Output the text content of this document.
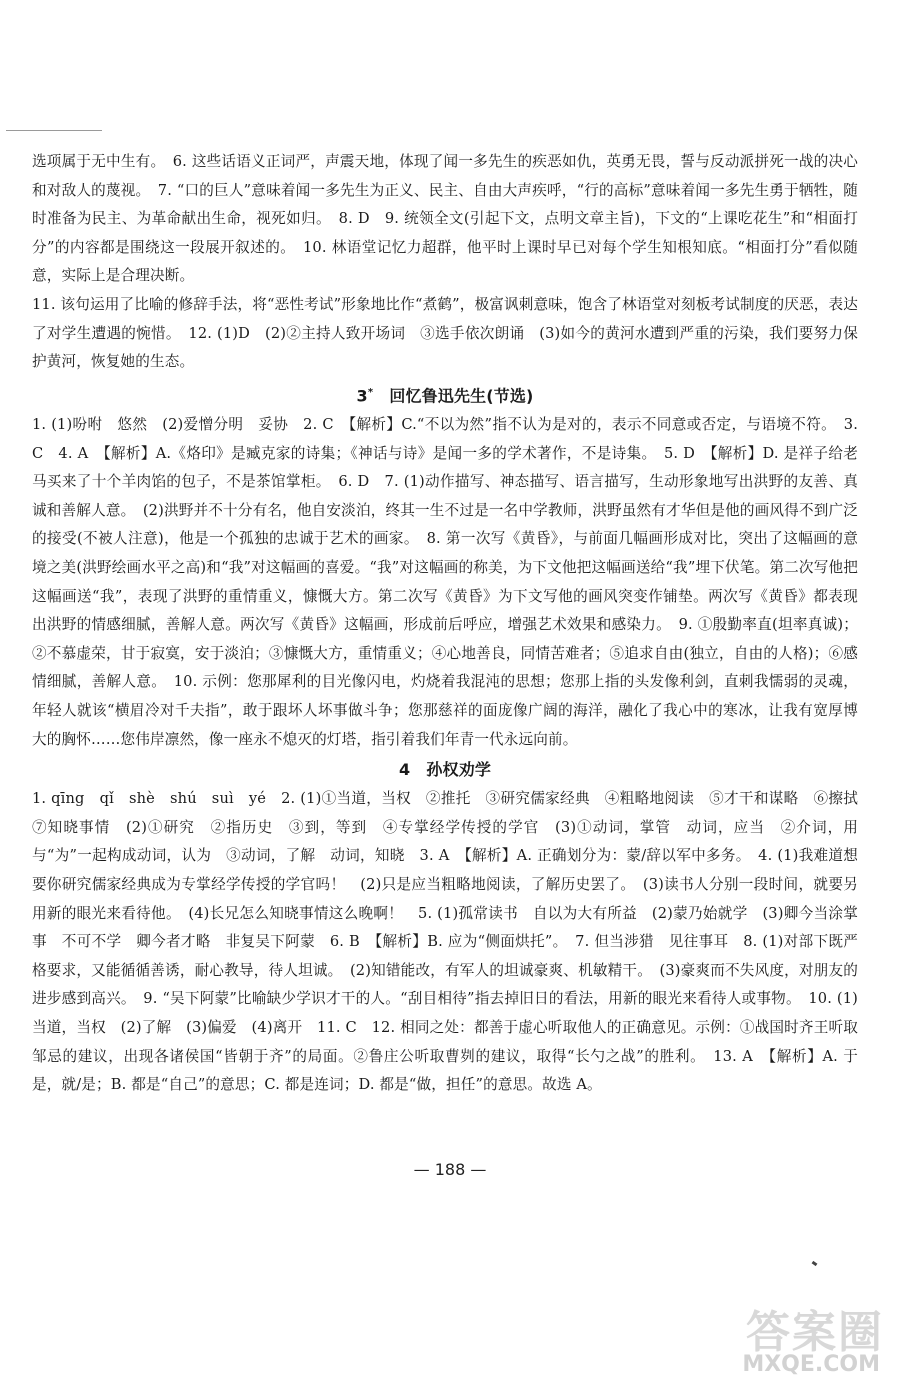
选项属于无中生有。　6. 这些话语义正词严，声震天地，体现了闻一多先生的疾恶如仇，英勇无畏，誓与反动派拼死一战的决心和对敌人的蔑视。　7. “口的巨人”意味着闻一多先生为正义、民主、自由大声疾呼，“行的高标”意味着闻一多先生勇于牺牲，随时准备为民主、为革命献出生命，视死如归。　8. D　9. 统领全文(引起下文，点明文章主旨)，下文的“上课吃花生”和“相面打分”的内容都是围绕这一段展开叙述的。　10. 林语堂记忆力超群，他平时上课时早已对每个学生知根知底。“相面打分”看似随意，实际上是合理决断。

11. 该句运用了比喻的修辞手法，将“恶性考试”形象地比作“煮鹤”，极富讽刺意味，饱含了林语堂对刻板考试制度的厌恶，表达了对学生遭遇的惋惜。　12. (1)D　(2)②主持人致开场词　③选手依次朗诵　(3)如今的黄河水遭到严重的污染，我们要努力保护黄河，恢复她的生态。

3*　回忆鲁迅先生(节选)

1. (1)吩咐　悠然　(2)爱憎分明　妥协　2. C　【解析】C.“不以为然”指不认为是对的，表示不同意或否定，与语境不符。　3. C　4. A　【解析】A.《烙印》是臧克家的诗集；《神话与诗》是闻一多的学术著作，不是诗集。　5. D　【解析】D. 是祥子给老马买来了十个羊肉馅的包子，不是茶馆掌柜。　6. D　7. (1)动作描写、神态描写、语言描写，生动形象地写出洪野的友善、真诚和善解人意。　(2)洪野并不十分有名，他自安淡泊，终其一生不过是一名中学教师，洪野虽然有才华但是他的画风得不到广泛的接受(不被人注意)，他是一个孤独的忠诚于艺术的画家。　8. 第一次写《黄昏》，与前面几幅画形成对比，突出了这幅画的意境之美(洪野绘画水平之高)和“我”对这幅画的喜爱。“我”对这幅画的称美，为下文他把这幅画送给“我”埋下伏笔。第二次写他把这幅画送“我”，表现了洪野的重情重义，慷慨大方。第二次写《黄昏》为下文写他的画风突变作铺垫。两次写《黄昏》都表现出洪野的情感细腻，善解人意。两次写《黄昏》这幅画，形成前后呼应，增强艺术效果和感染力。　9. ①殷勤率直(坦率真诚)；②不慕虚荣，甘于寂寞，安于淡泊；③慷慨大方，重情重义；④心地善良，同情苦难者；⑤追求自由(独立，自由的人格)；⑥感情细腻，善解人意。　10. 示例：您那犀利的目光像闪电，灼烧着我混沌的思想；您那上指的头发像利剑，直刺我懦弱的灵魂，年轻人就该“横眉冷对千夫指”，敢于跟坏人坏事做斗争；您那慈祥的面庞像广阔的海洋，融化了我心中的寒冰，让我有宽厚博大的胸怀……您伟岸凛然，像一座永不熄灭的灯塔，指引着我们年青一代永远向前。

4　孙权劝学

1. qīng　qǐ　shè　shú　suì　yé　2. (1)①当道，当权　②推托　③研究儒家经典　④粗略地阅读　⑤才干和谋略　⑥擦拭　⑦知晓事情　(2)①研究　②指历史　③到，等到　④专掌经学传授的学官　(3)①动词，掌管　动词，应当　②介词，用　与“为”一起构成动词，认为　③动词，了解　动词，知晓　3. A　【解析】A. 正确划分为：蒙/辞以军中多务。　4. (1)我难道想要你研究儒家经典成为专掌经学传授的学官吗！　(2)只是应当粗略地阅读，了解历史罢了。　(3)读书人分别一段时间，就要另用新的眼光来看待他。　(4)长兄怎么知晓事情这么晚啊！　5. (1)孤常读书　自以为大有所益　(2)蒙乃始就学　(3)卿今当涂掌事　不可不学　卿今者才略　非复吴下阿蒙　6. B　【解析】B. 应为“侧面烘托”。　7. 但当涉猎　见往事耳　8. (1)对部下既严格要求，又能循循善诱，耐心教导，待人坦诚。　(2)知错能改，有军人的坦诚豪爽、机敏精干。　(3)豪爽而不失风度，对朋友的进步感到高兴。　9. “吴下阿蒙”比喻缺少学识才干的人。“刮目相待”指去掉旧日的看法，用新的眼光来看待人或事物。　10. (1)当道，当权　(2)了解　(3)偏爱　(4)离开　11. C　12. 相同之处：都善于虚心听取他人的正确意见。示例：①战国时齐王听取邹忌的建议，出现各诸侯国“皆朝于齐”的局面。②鲁庄公听取曹刿的建议，取得“长勺之战”的胜利。　13. A　【解析】A. 于是，就/是；B. 都是“自己”的意思；C. 都是连词；D. 都是“做，担任”的意思。故选 A。

— 188 —
答案圈
MXQE.COM
